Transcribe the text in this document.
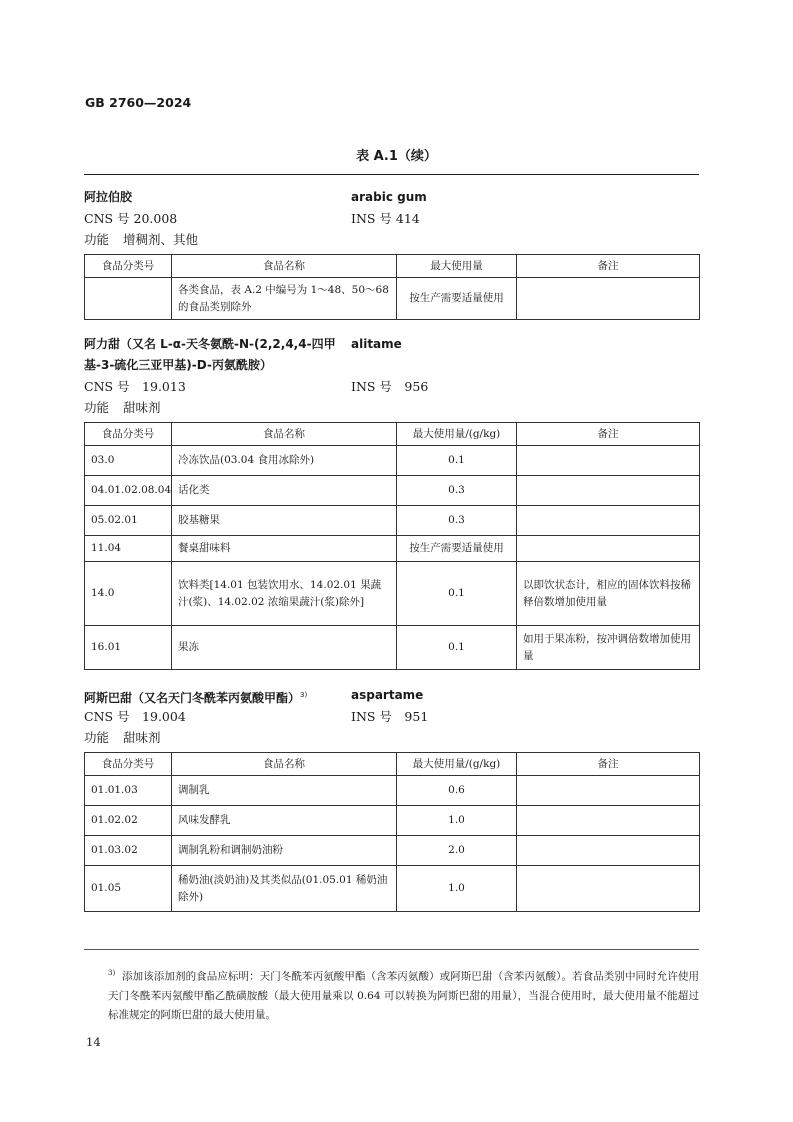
GB 2760—2024
表 A.1（续）
阿拉伯胶	arabic gum
CNS 号 20.008	INS 号 414
功能 增稠剂、其他
食品分类号	食品名称	最大使用量	备注
	各类食品，表 A.2 中编号为 1～48、50～68 的食品类别除外	按生产需要适量使用	
阿力甜（又名 L-α-天冬氨酰-N-(2,2,4,4-四甲基-3-硫化三亚甲基)-D-丙氨酰胺）
alitame
CNS 号　19.013	INS 号　956
功能 甜味剂
食品分类号	食品名称	最大使用量/(g/kg)	备注
03.0	冷冻饮品(03.04 食用冰除外)	0.1	
04.01.02.08.04	话化类	0.3	
05.02.01	胶基糖果	0.3	
11.04	餐桌甜味料	按生产需要适量使用	
14.0	饮料类[14.01 包装饮用水、14.02.01 果蔬汁(浆)、14.02.02 浓缩果蔬汁(浆)除外]	0.1	以即饮状态计，相应的固体饮料按稀释倍数增加使用量
16.01	果冻	0.1	如用于果冻粉，按冲调倍数增加使用量
阿斯巴甜（又名天门冬酰苯丙氨酸甲酯）$^{3)}$	aspartame
CNS 号　19.004	INS 号　951
功能 甜味剂
食品分类号	食品名称	最大使用量/(g/kg)	备注
01.01.03	调制乳	0.6	
01.02.02	风味发酵乳	1.0	
01.03.02	调制乳粉和调制奶油粉	2.0	
01.05	稀奶油(淡奶油)及其类似品(01.05.01 稀奶油除外)	1.0	
$^{3)}$ 添加该添加剂的食品应标明：天门冬酰苯丙氨酸甲酯（含苯丙氨酸）或阿斯巴甜（含苯丙氨酸）。若食品类别中同时允许使用天门冬酰苯丙氨酸甲酯乙酰磺胺酸（最大使用量乘以 0.64 可以转换为阿斯巴甜的用量），当混合使用时，最大使用量不能超过标准规定的阿斯巴甜的最大使用量。
14
